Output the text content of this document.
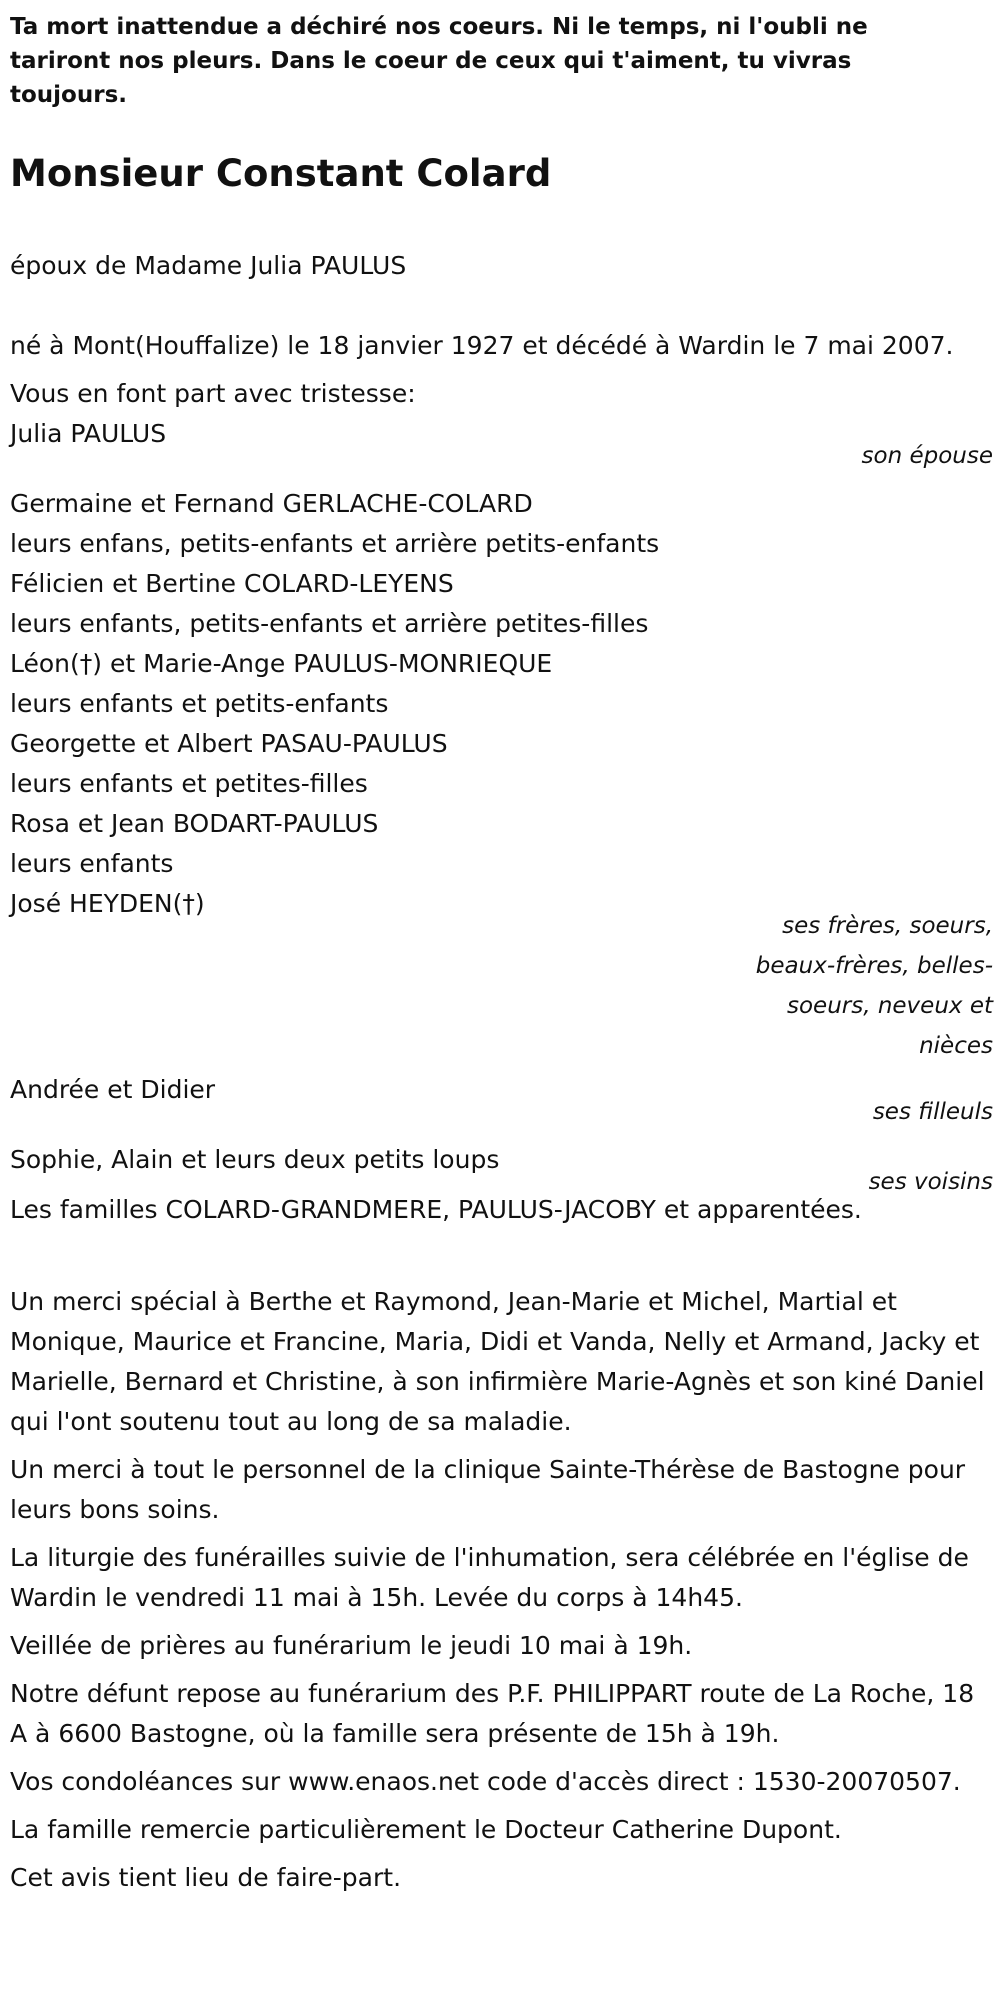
Ta mort inattendue a déchiré nos coeurs. Ni le temps, ni l'oubli ne tariront nos pleurs. Dans le coeur de ceux qui t'aiment, tu vivras toujours.

Monsieur Constant Colard

époux de Madame Julia PAULUS

né à Mont(Houffalize) le 18 janvier 1927 et décédé à Wardin le 7 mai 2007.

Vous en font part avec tristesse:

Julia PAULUS

son épouse

Germaine et Fernand GERLACHE-COLARD

leurs enfans, petits-enfants et arrière petits-enfants

Félicien et Bertine COLARD-LEYENS

leurs enfants, petits-enfants et arrière petites-filles

Léon(†) et Marie-Ange PAULUS-MONRIEQUE

leurs enfants et petits-enfants

Georgette et Albert PASAU-PAULUS

leurs enfants et petites-filles

Rosa et Jean BODART-PAULUS

leurs enfants

José HEYDEN(†)

ses frères, soeurs, beaux-frères, belles-soeurs, neveux et nièces

Andrée et Didier

ses filleuls

Sophie, Alain et leurs deux petits loups

ses voisins

Les familles COLARD-GRANDMERE, PAULUS-JACOBY et apparentées.

Un merci spécial à Berthe et Raymond, Jean-Marie et Michel, Martial et Monique, Maurice et Francine, Maria, Didi et Vanda, Nelly et Armand, Jacky et Marielle, Bernard et Christine, à son infirmière Marie-Agnès et son kiné Daniel qui l'ont soutenu tout au long de sa maladie.

Un merci à tout le personnel de la clinique Sainte-Thérèse de Bastogne pour leurs bons soins.

La liturgie des funérailles suivie de l'inhumation, sera célébrée en l'église de Wardin le vendredi 11 mai à 15h. Levée du corps à 14h45.

Veillée de prières au funérarium le jeudi 10 mai à 19h.

Notre défunt repose au funérarium des P.F. PHILIPPART route de La Roche, 18 A à 6600 Bastogne, où la famille sera présente de 15h à 19h.

Vos condoléances sur www.enaos.net code d'accès direct : 1530-20070507.

La famille remercie particulièrement le Docteur Catherine Dupont.

Cet avis tient lieu de faire-part.
